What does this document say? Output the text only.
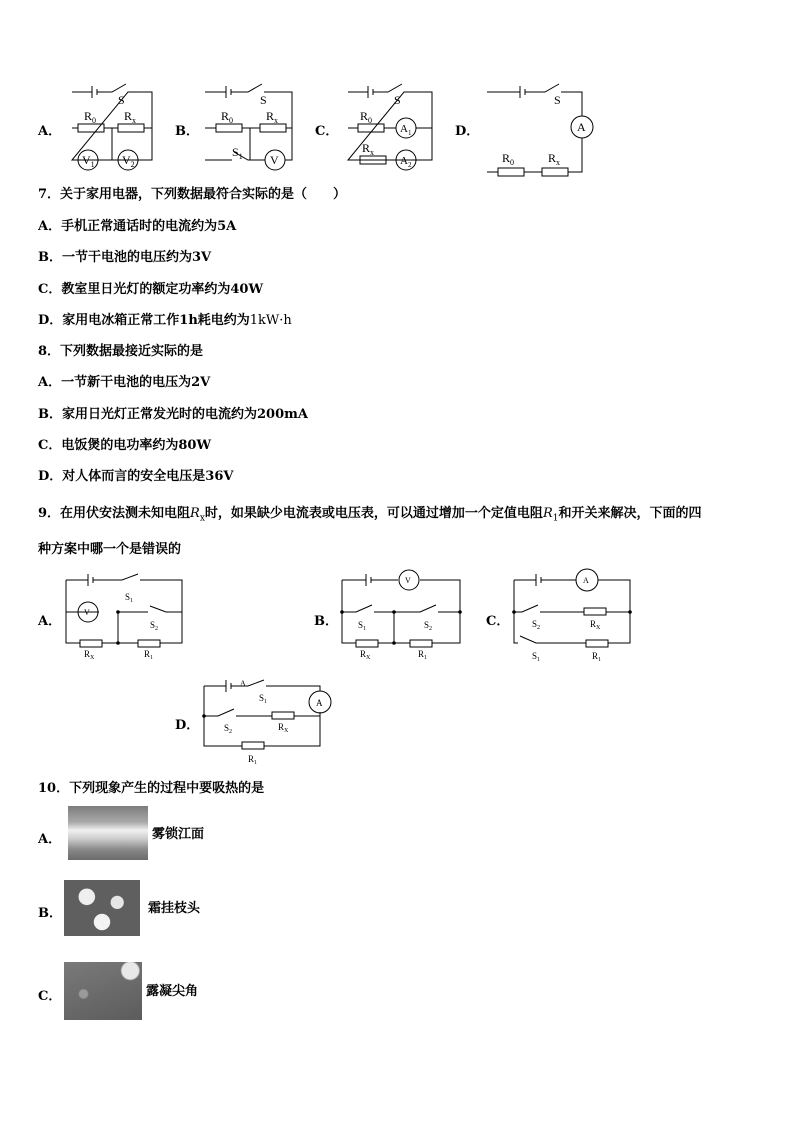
A．	B．	C．	D．
S
$R_0$ $R_x$
$V_1$ $V_2$
S
$R_0$	$R_x$
$S_1$ V
S
$R_0$
$A_1$
$R_x$
$A_2$
S
A
$R_0$	$R_x$
7．关于家用电器，下列数据最符合实际的是（　　）
A．手机正常通话时的电流约为5A
B．一节干电池的电压约为3V
C．教室里日光灯的额定功率约为40W
D．家用电冰箱正常工作1h耗电约为1kW·h
8．下列数据最接近实际的是
A．一节新干电池的电压为2V
B．家用日光灯正常发光时的电流约为200mA
C．电饭煲的电功率约为80W
D．对人体而言的安全电压是36V
9．在用伏安法测未知电阻$R_x$时，如果缺少电流表或电压表，可以通过增加一个定值电阻$R_1$和开关来解决，下面的四
种方案中哪一个是错误的
A．	B．	C．
D．
V
$S_1$
$S_2$
$R_X$	$R_1$
V
$S_1$	$S_2$
$R_X$	$R_1$
A
$S_2$	$R_X$
$S_1$	$R_1$
A
A
$S_1$
$S_2$	$R_X$
$R_1$
10．下列现象产生的过程中要吸热的是
A．	雾锁江面
B．	霜挂枝头
C．	露凝尖角
